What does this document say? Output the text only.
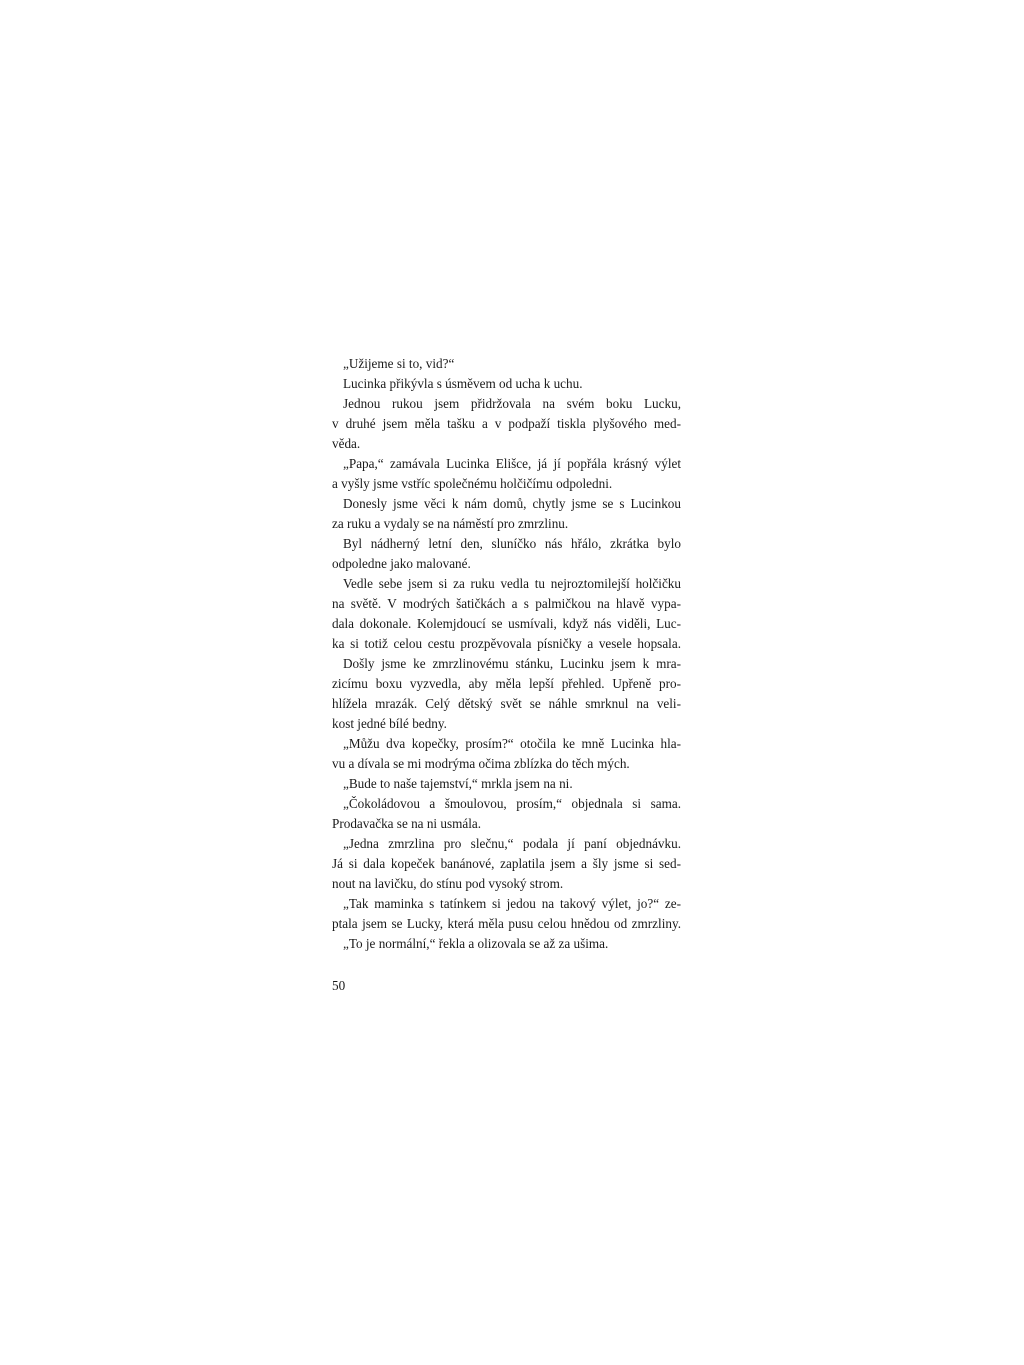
„Užijeme si to, vid?“
Lucinka přikývla s úsměvem od ucha k uchu.
Jednou rukou jsem přidržovala na svém boku Lucku,
v druhé jsem měla tašku a v podpaží tiskla plyšového med-
věda.
„Papa,“ zamávala Lucinka Elišce, já jí popřála krásný výlet
a vyšly jsme vstříc společnému holčičímu odpoledni.
Donesly jsme věci k nám domů, chytly jsme se s Lucinkou
za ruku a vydaly se na náměstí pro zmrzlinu.
Byl nádherný letní den, sluníčko nás hřálo, zkrátka bylo
odpoledne jako malované.
Vedle sebe jsem si za ruku vedla tu nejroztomilejší holčičku
na světě. V modrých šatičkách a s palmičkou na hlavě vypa-
dala dokonale. Kolemjdoucí se usmívali, když nás viděli, Luc-
ka si totiž celou cestu prozpěvovala písničky a vesele hopsala.
Došly jsme ke zmrzlinovému stánku, Lucinku jsem k mra-
zicímu boxu vyzvedla, aby měla lepší přehled. Upřeně pro-
hlížela mrazák. Celý dětský svět se náhle smrknul na veli-
kost jedné bílé bedny.
„Můžu dva kopečky, prosím?“ otočila ke mně Lucinka hla-
vu a dívala se mi modrýma očima zblízka do těch mých.
„Bude to naše tajemství,“ mrkla jsem na ni.
„Čokoládovou a šmoulovou, prosím,“ objednala si sama.
Prodavačka se na ni usmála.
„Jedna zmrzlina pro slečnu,“ podala jí paní objednávku.
Já si dala kopeček banánové, zaplatila jsem a šly jsme si sed-
nout na lavičku, do stínu pod vysoký strom.
„Tak maminka s tatínkem si jedou na takový výlet, jo?“ ze-
ptala jsem se Lucky, která měla pusu celou hnědou od zmrzliny.
„To je normální,“ řekla a olizovala se až za ušima.
50
